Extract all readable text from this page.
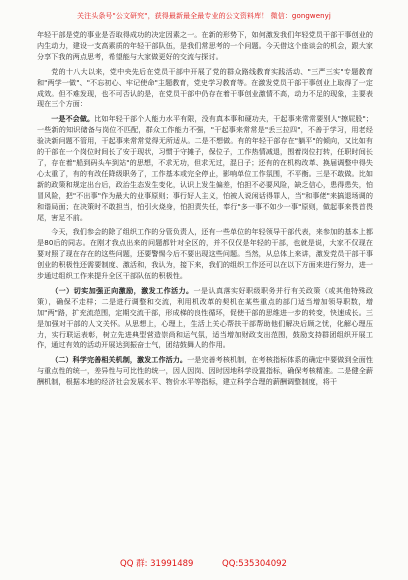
关注头条号"公文研究"，获得最新最全最专业的公文资料库！ 微信：gongwenyj

年轻干部是党的事业是否取得成功的决定因素之一。在新的形势下，如何激发我们年轻党员干部干事创业的内生动力，建设一支高素质的年轻干部队伍，是我们常思考的一个问题。今天借这个座谈会的机会，跟大家分享下我的两点思考，希望能与大家做更好的交流与探讨。

党的十八大以来，党中央先后在党员干部中开展了党的群众路线教育实践活动、"三严三实"专题教育和"两学一做"、"不忘初心、牢记使命"主题教育，党史学习教育等。在激发党员干部干事创业上取得了一定成效。但不难发现，也不可否认的是，在党员干部中仍存在着干事创业激情不高，动力不足的现象，主要表现在三个方面：

一是不会做。比如年轻干部个人能力水平有限，没有真本事和硬功夫，干起事来常常要别人"擦屁股"；一些新的知识储备与岗位不匹配，群众工作能力不强，"干起事来常常是"丢三拉四"，不善于学习，用老经验决新问题不管用，干起事来常常觉得无所适从。二是不想做。有的年轻干部存在"躺平"的倾向，又比如有的干部在一个岗位时间长了安于现状，习惯于守摊子，保位子，工作热情减退，围着岗位打转，任职时间长了，存在着"船到码头车到站"的思想，不求无功，但求无过，混日子；还有的在机构改革、换届调整中得失心太重了，有的有改任降级职务了，工作基本或完全停止，影响单位工作氛围，不平衡。三是不敢做。比如新的政策和规定出台后，政治生态发生变化，认识上发生偏差，怕担不必要风险，缺乏信心，患得患失，怕冒风险，把"不出事"作为最大的业事原则；事行好人主义，怕被人说闲话得罪人，当"和事佬"来搞退场调的和谐局面；在决策时不敢担当，怕引火烧身，怕担责失任，奉行"多一事不如少一事"原则，做起事来畏首畏尾，害足不前。

今天，我们参会的除了组织工作的分管负责人，还有一些单位的年轻领导干部代表，来参加的基本上都是80后的同志。在刚才我点出来的问题都针对全区的，并不仅仅是年轻的干部，也就是说，大家不仅现在要对照了现在存在的这些问题，还要警惕今后不要出现这些问题。当然，从总体上来讲，激发党员干部干事创业的积极性还需要制度、激活和，我认为，接下来，我们的组织工作还可以在以下方面来进行努力，进一步通过组织工作来提升全区干部队伍的积极性。

（一）切实加强正向激励，激发工作活力。一是认真落实好职级职务并行有关政策（或其他特殊政策），确保不走样；二是进行调整和交流，利用机改革的契机在某些重点的部门适当增加领导职数，增加"两"路，扩充流范围，定期交流干部，形成梯的良性循环，促使干部的思维进一步的转变，快速成长。三是加强对干部的人文关怀。从思想上，心理上，生活上关心帮扶干部帮助他们解决后顾之忧，化解心理压力，实行联运表彰，树立先进典型营造崇尚和运气氛，适当增加财政支出范围，鼓励支持群团组织开展工作，通过有效的活动开展达到振奋士气，团结鼓舞人的作用。

（二）科学完善相关机制，激发工作活力。一是完善考核机制，在考核指标体系的确定中要做到全面性与重点性的统一，差异性与可比性的统一，因人因岗、因时因地科学设置指标，确保考核精准。二是健全薪酬机制，根据本地的经济社会发展水平、物价水平等指标，建立科学合理的薪酬调整制度，将干

QQ 群: 31991489	QQ:535304092
